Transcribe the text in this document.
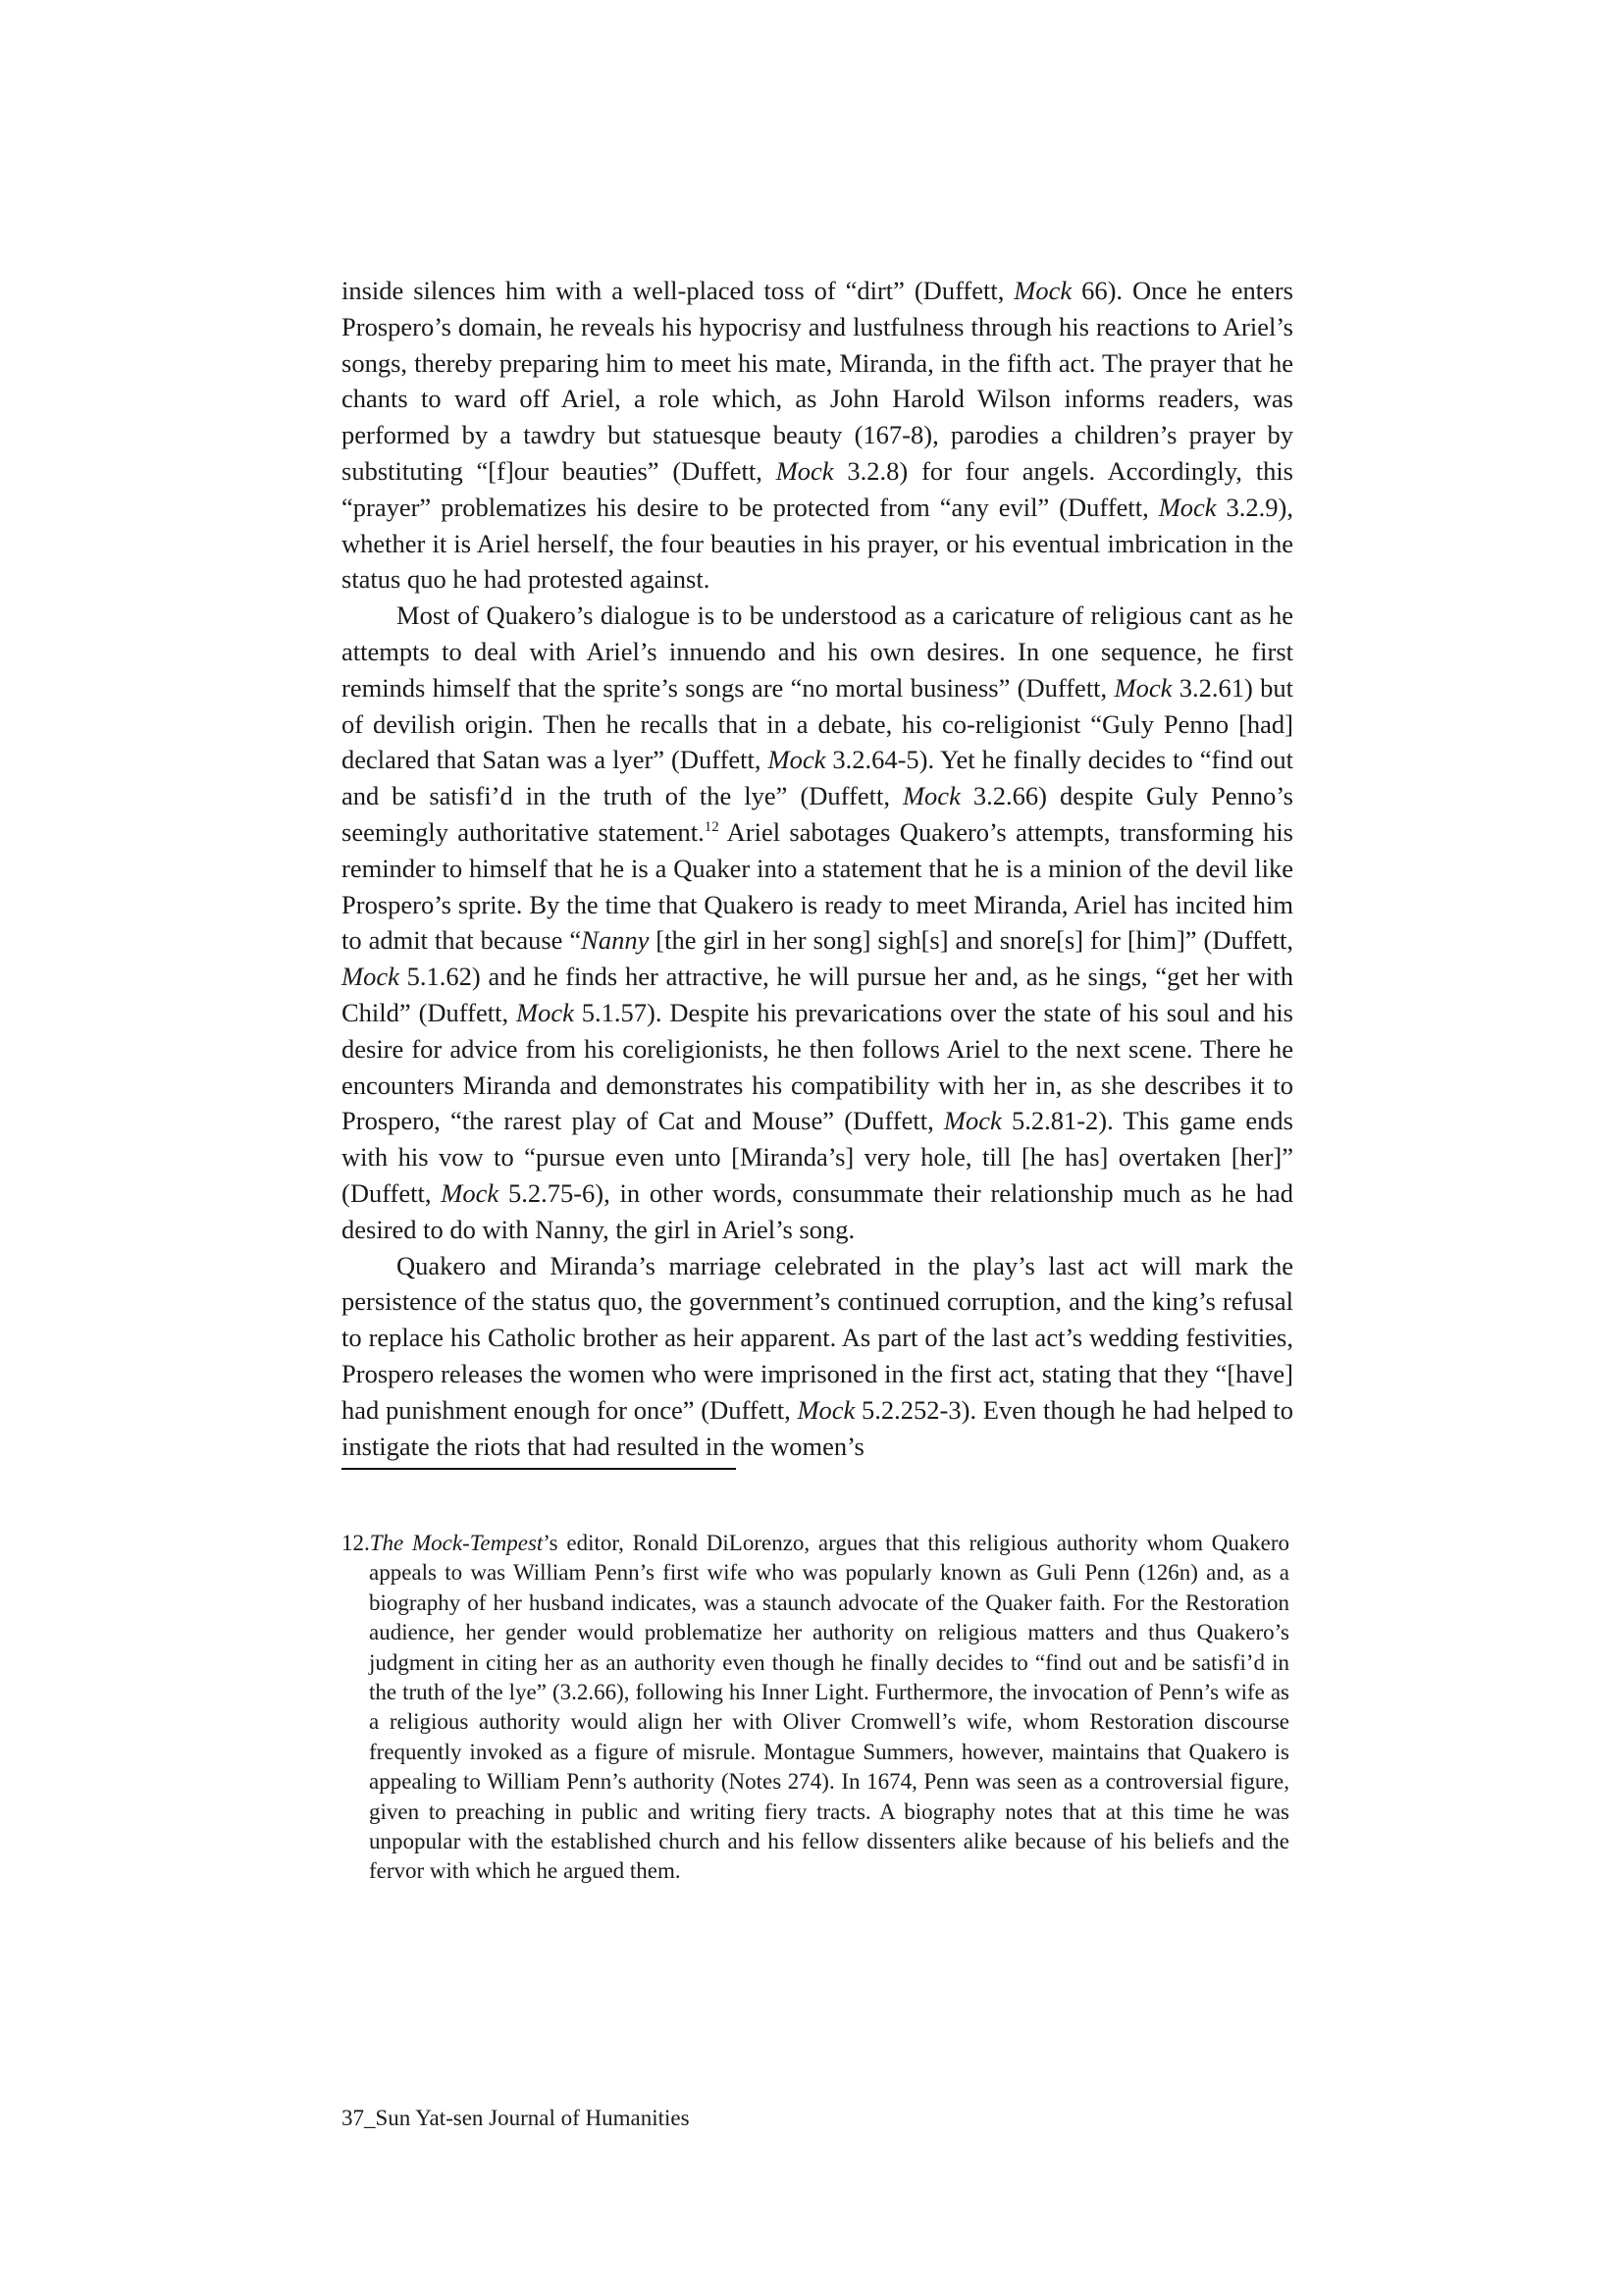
inside silences him with a well-placed toss of “dirt” (Duffett, Mock 66). Once he enters Prospero’s domain, he reveals his hypocrisy and lustfulness through his reactions to Ariel’s songs, thereby preparing him to meet his mate, Miranda, in the fifth act. The prayer that he chants to ward off Ariel, a role which, as John Harold Wilson informs readers, was performed by a tawdry but statuesque beauty (167-8), parodies a children’s prayer by substituting “[f]our beauties” (Duffett, Mock 3.2.8) for four angels. Accordingly, this “prayer” problematizes his desire to be protected from “any evil” (Duffett, Mock 3.2.9), whether it is Ariel herself, the four beauties in his prayer, or his eventual imbrication in the status quo he had protested against.

Most of Quakero’s dialogue is to be understood as a caricature of religious cant as he attempts to deal with Ariel’s innuendo and his own desires. In one sequence, he first reminds himself that the sprite’s songs are “no mortal business” (Duffett, Mock 3.2.61) but of devilish origin. Then he recalls that in a debate, his co-religionist “Guly Penno [had] declared that Satan was a lyer” (Duffett, Mock 3.2.64-5). Yet he finally decides to “find out and be satisfi’d in the truth of the lye” (Duffett, Mock 3.2.66) despite Guly Penno’s seemingly authoritative statement.$^{12}$ Ariel sabotages Quakero’s attempts, transforming his reminder to himself that he is a Quaker into a statement that he is a minion of the devil like Prospero’s sprite. By the time that Quakero is ready to meet Miranda, Ariel has incited him to admit that because “Nanny [the girl in her song] sigh[s] and snore[s] for [him]” (Duffett, Mock 5.1.62) and he finds her attractive, he will pursue her and, as he sings, “get her with Child” (Duffett, Mock 5.1.57). Despite his prevarications over the state of his soul and his desire for advice from his coreligionists, he then follows Ariel to the next scene. There he encounters Miranda and demonstrates his compatibility with her in, as she describes it to Prospero, “the rarest play of Cat and Mouse” (Duffett, Mock 5.2.81-2). This game ends with his vow to “pursue even unto [Miranda’s] very hole, till [he has] overtaken [her]” (Duffett, Mock 5.2.75-6), in other words, consummate their relationship much as he had desired to do with Nanny, the girl in Ariel’s song.

Quakero and Miranda’s marriage celebrated in the play’s last act will mark the persistence of the status quo, the government’s continued corruption, and the king’s refusal to replace his Catholic brother as heir apparent. As part of the last act’s wedding festivities, Prospero releases the women who were imprisoned in the first act, stating that they “[have] had punishment enough for once” (Duffett, Mock 5.2.252-3). Even though he had helped to instigate the riots that had resulted in the women’s

12.The Mock-Tempest’s editor, Ronald DiLorenzo, argues that this religious authority whom Quakero appeals to was William Penn’s first wife who was popularly known as Guli Penn (126n) and, as a biography of her husband indicates, was a staunch advocate of the Quaker faith. For the Restoration audience, her gender would problematize her authority on religious matters and thus Quakero’s judgment in citing her as an authority even though he finally decides to “find out and be satisfi’d in the truth of the lye” (3.2.66), following his Inner Light. Furthermore, the invocation of Penn’s wife as a religious authority would align her with Oliver Cromwell’s wife, whom Restoration discourse frequently invoked as a figure of misrule. Montague Summers, however, maintains that Quakero is appealing to William Penn’s authority (Notes 274). In 1674, Penn was seen as a controversial figure, given to preaching in public and writing fiery tracts. A biography notes that at this time he was unpopular with the established church and his fellow dissenters alike because of his beliefs and the fervor with which he argued them.

37_Sun Yat-sen Journal of Humanities
